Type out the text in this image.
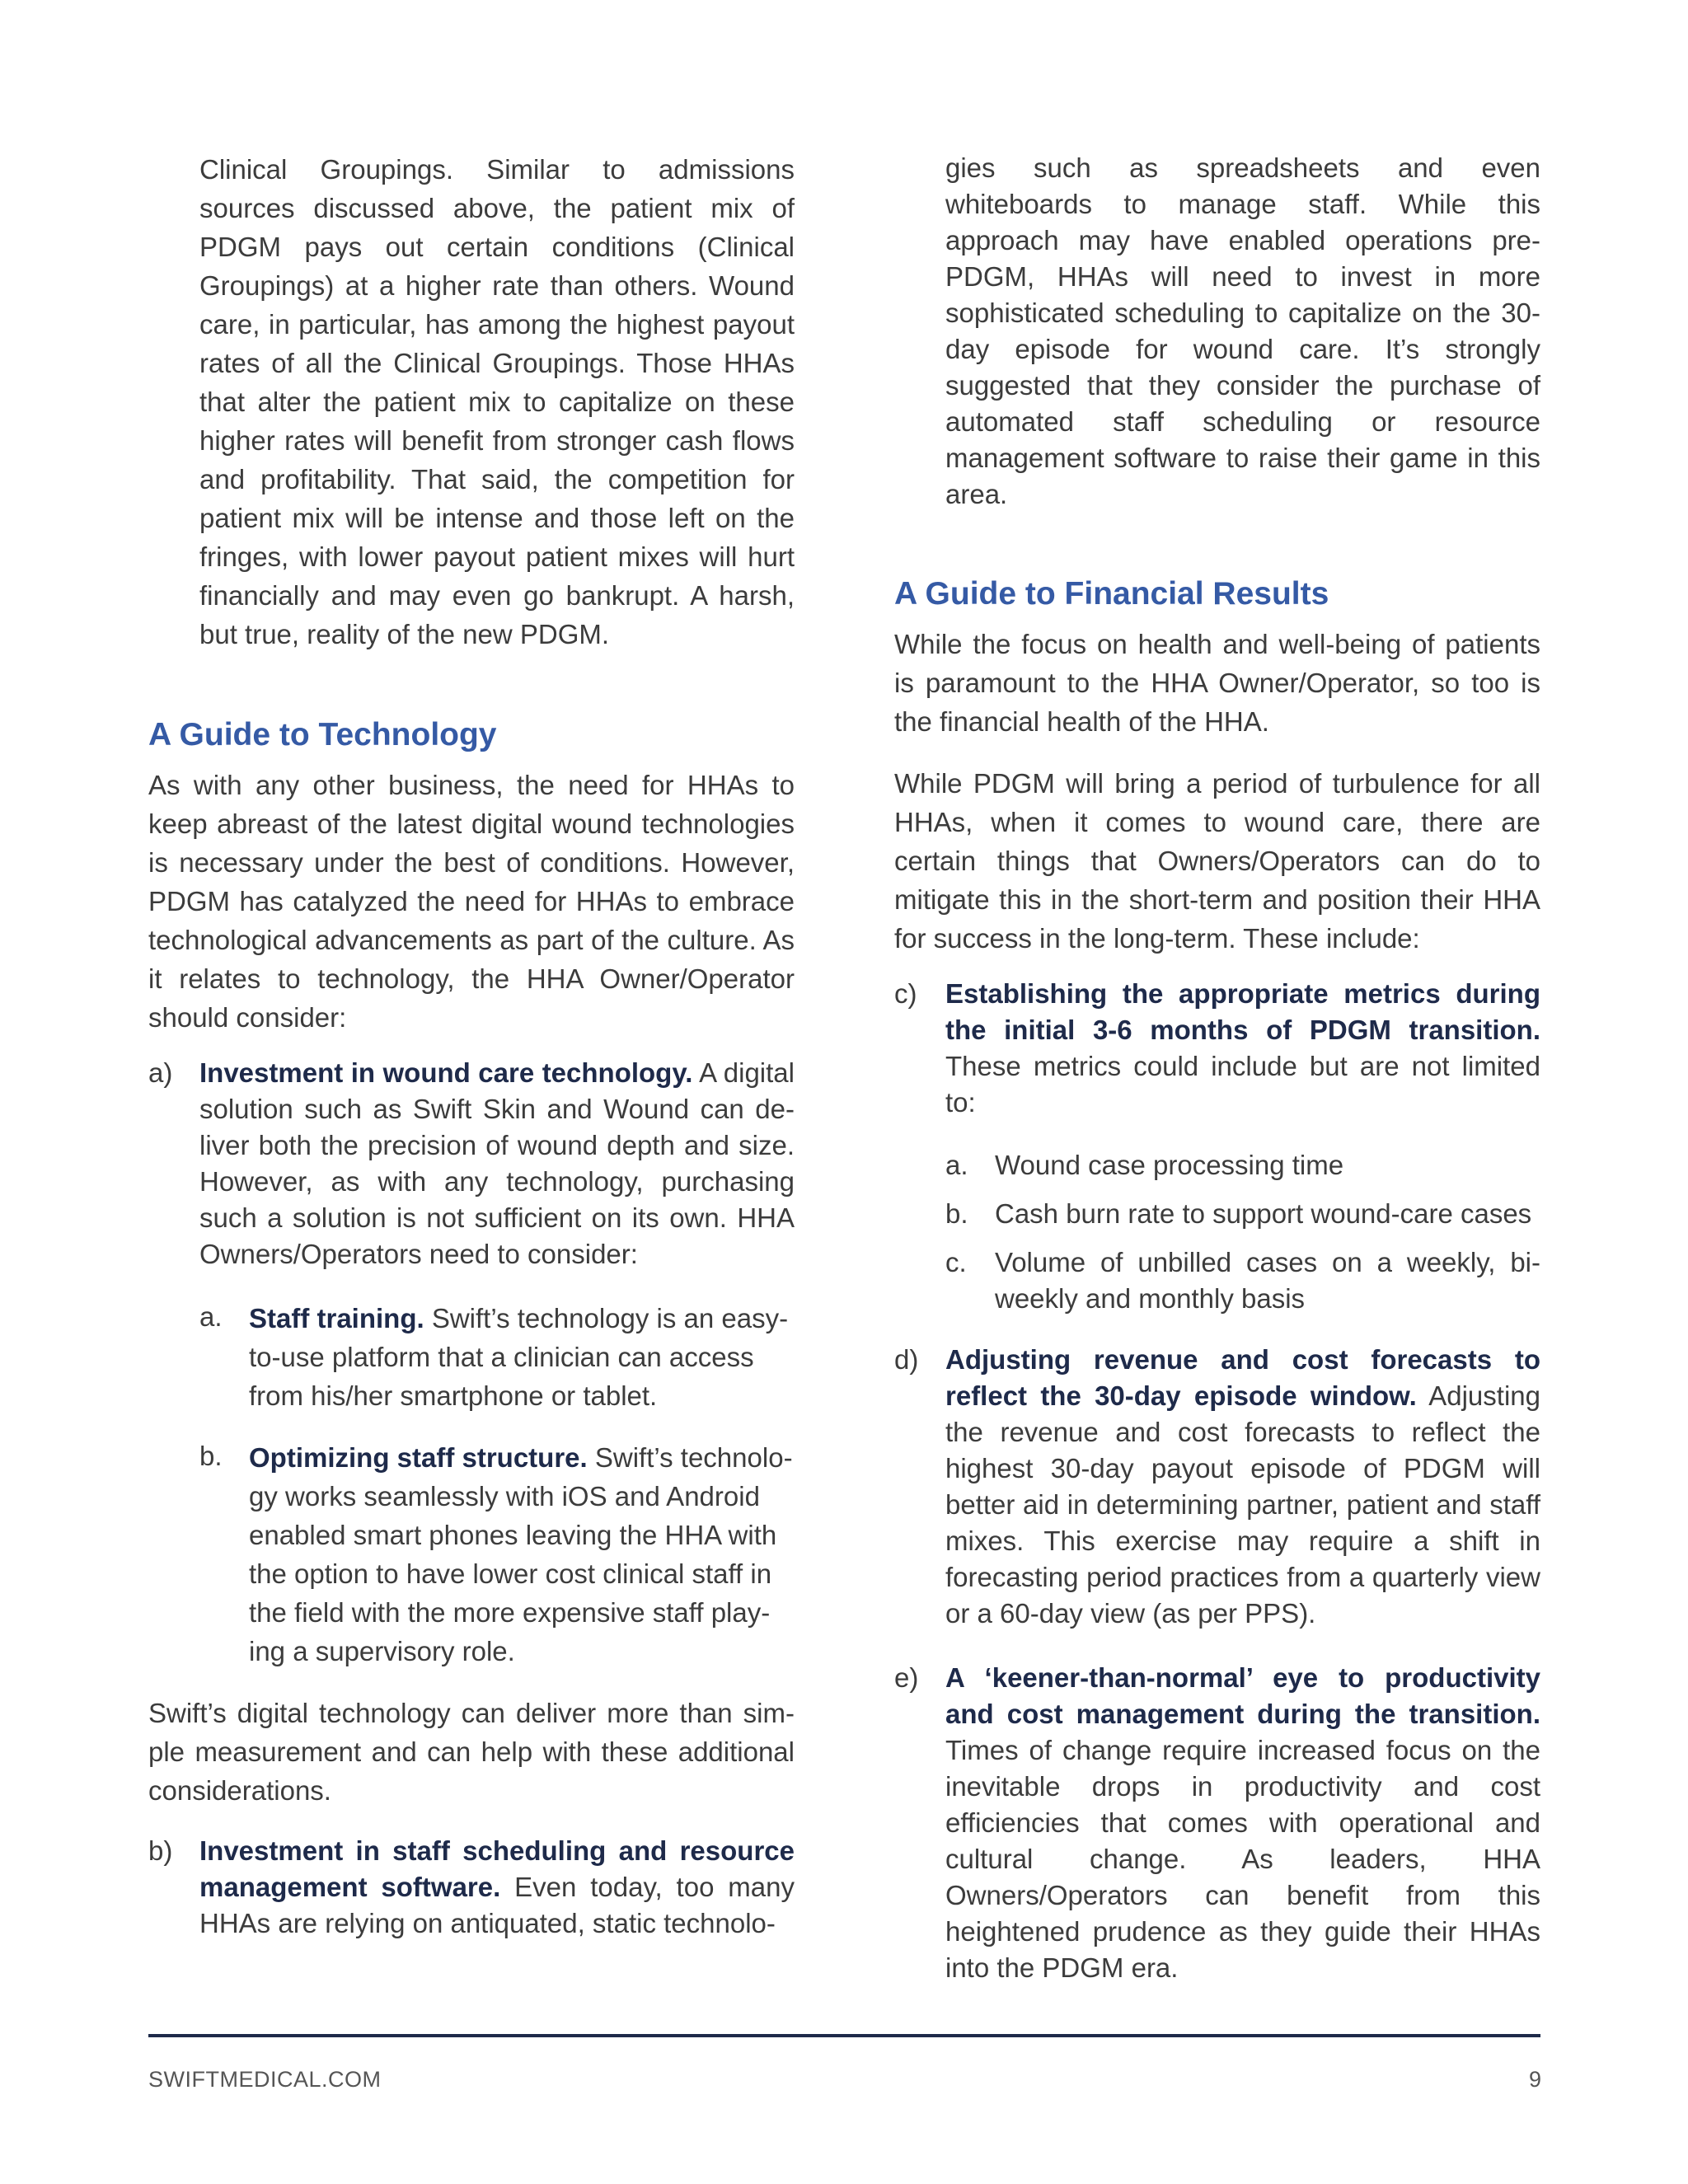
Clinical Groupings. Similar to admissions sources discussed above, the patient mix of PDGM pays out certain conditions (Clinical Groupings) at a higher rate than others. Wound care, in particular, has among the highest payout rates of all the Clinical Groupings. Those HHAs that alter the patient mix to capitalize on these higher rates will benefit from stronger cash flows and profitability. That said, the competition for patient mix will be intense and those left on the fringes, with lower payout patient mixes will hurt financially and may even go bankrupt. A harsh, but true, reality of the new PDGM.

A Guide to Technology

As with any other business, the need for HHAs to keep abreast of the latest digital wound technologies is necessary under the best of conditions. However, PDGM has catalyzed the need for HHAs to embrace technological advancements as part of the culture. As it relates to technology, the HHA Owner/Operator should consider:

a) Investment in wound care technology. A digital solution such as Swift Skin and Wound can deliver both the precision of wound depth and size. However, as with any technology, purchasing such a solution is not sufficient on its own. HHA Owners/Operators need to consider:
a. Staff training. Swift’s technology is an easy-to-use platform that a clinician can access from his/her smartphone or tablet.
b. Optimizing staff structure. Swift’s technology works seamlessly with iOS and Android enabled smart phones leaving the HHA with the option to have lower cost clinical staff in the field with the more expensive staff playing a supervisory role.

Swift’s digital technology can deliver more than simple measurement and can help with these additional considerations.

b) Investment in staff scheduling and resource management software. Even today, too many HHAs are relying on antiquated, static technolo-

gies such as spreadsheets and even whiteboards to manage staff. While this approach may have enabled operations pre-PDGM, HHAs will need to invest in more sophisticated scheduling to capitalize on the 30-day episode for wound care. It’s strongly suggested that they consider the purchase of automated staff scheduling or resource management software to raise their game in this area.

A Guide to Financial Results

While the focus on health and well-being of patients is paramount to the HHA Owner/Operator, so too is the financial health of the HHA.

While PDGM will bring a period of turbulence for all HHAs, when it comes to wound care, there are certain things that Owners/Operators can do to mitigate this in the short-term and position their HHA for success in the long-term. These include:

c)	Establishing the appropriate metrics during the initial 3-6 months of PDGM transition. These metrics could include but are not limited to:
a. Wound case processing time
b. Cash burn rate to support wound-care cases
c.	Volume of unbilled cases on a weekly, bi-weekly and monthly basis
d) Adjusting revenue and cost forecasts to reflect the 30-day episode window. Adjusting the revenue and cost forecasts to reflect the highest 30-day payout episode of PDGM will better aid in determining partner, patient and staff mixes. This exercise may require a shift in forecasting period practices from a quarterly view or a 60-day view (as per PPS).
e) A ‘keener-than-normal’ eye to productivity and cost management during the transition. Times of change require increased focus on the inevitable drops in productivity and cost efficiencies that comes with operational and cultural change. As leaders, HHA Owners/Operators can benefit from this heightened prudence as they guide their HHAs into the PDGM era.
SWIFTMEDICAL.COM	9
